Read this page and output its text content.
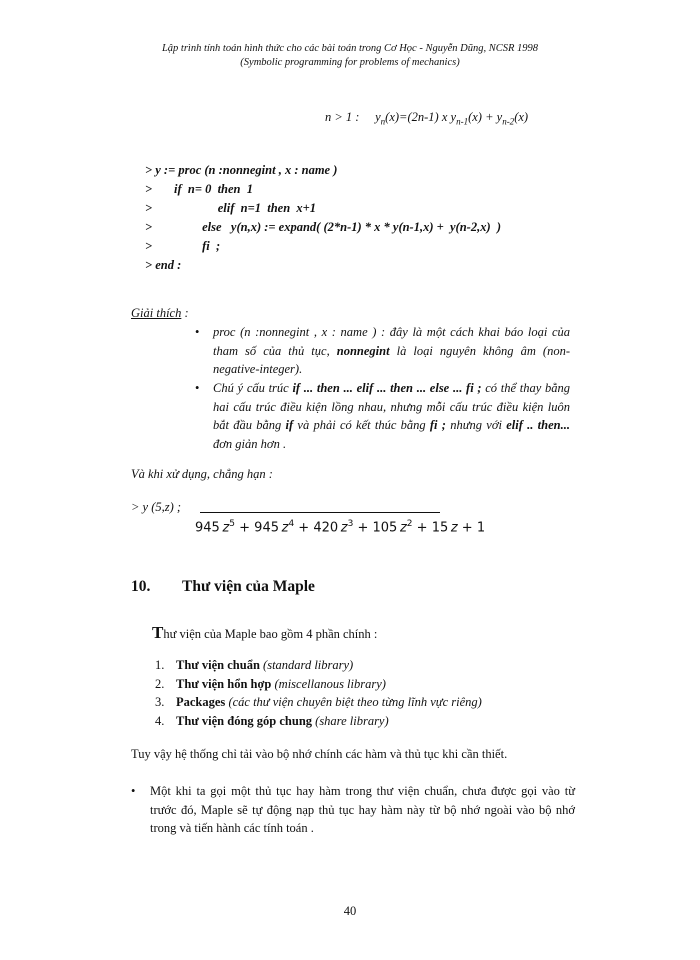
Lập trình tính toán hình thức cho các bài toán trong Cơ Học - Nguyễn Dũng, NCSR 1998
(Symbolic programming for problems of mechanics)
n > 1 : $y_n(x)=(2n-1)$ x $y_{n-1}(x) + y_{n-2}(x)$
> y := proc (n :nonnegint , x : name )
>       if  n= 0  then  1
>                     elif  n=1  then  x+1
>                else   y(n,x) := expand( (2*n-1) * x * y(n-1,x) +  y(n-2,x)  )
>                fi  ;
> end :
Giải thích :
• proc (n :nonnegint , x : name ) : đây là một cách khai báo loại của tham số của thủ tục, nonnegint là loại nguyên không âm (non-negative-integer).
• Chú ý cấu trúc if ... then ... elif ... then ... else ... fi ; có thể thay bằng hai cấu trúc điều kiện lồng nhau, nhưng mỗi cấu trúc điều kiện luôn bắt đầu bằng if và phải có kết thúc bằng fi ; nhưng với elif .. then... đơn giản hơn .
Và khi xử dụng, chẳng hạn :
> y (5,z) ;
945  $z^5 + 945$  $z^4 + 420$  $z^3 + 105$  $z^2 + 15$  z + 1
10. Thư viện của Maple
Thư viện của Maple bao gồm 4 phần chính :
1. Thư viện chuẩn (standard library)
2. Thư viện hổn hợp (miscellanous library)
3. Packages (các thư viện chuyên biệt theo từng lĩnh vực riêng)
4. Thư viện đóng góp chung (share library)
Tuy vậy hệ thống chỉ tải vào bộ nhớ chính các hàm và thủ tục khi cần thiết.
• Một khi ta gọi một thủ tục hay hàm trong thư viện chuẩn, chưa được gọi vào từ trước đó, Maple sẽ tự động nạp thủ tục hay hàm này từ bộ nhớ ngoài vào bộ nhớ trong và tiến hành các tính toán .
40
